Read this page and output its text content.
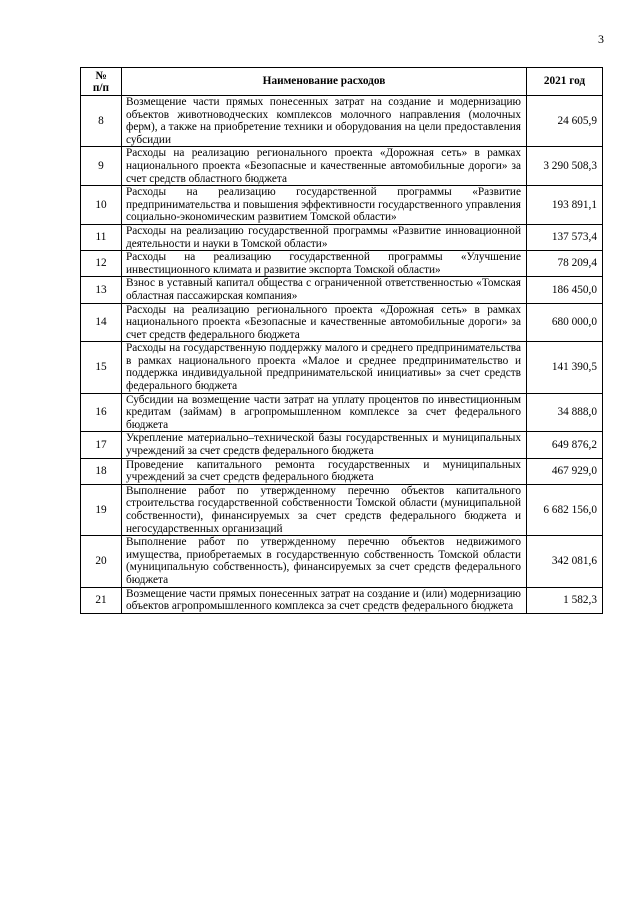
3
№
п/п	Наименование расходов	2021 год
8	Возмещение части прямых понесенных затрат на создание и модернизацию объектов животноводческих комплексов молочного направления (молочных ферм), а также на приобретение техники и оборудования на цели предоставления субсидии	24 605,9
9	Расходы на реализацию регионального проекта «Дорожная сеть» в рамках национального проекта «Безопасные и качественные автомобильные дороги» за счет средств областного бюджета	3 290 508,3
10	Расходы на реализацию государственной программы «Развитие предпринимательства и повышения эффективности государственного управления социально-экономическим развитием Томской области»	193 891,1
11	Расходы на реализацию государственной программы «Развитие инновационной деятельности и науки в Томской области»	137 573,4
12	Расходы на реализацию государственной программы «Улучшение инвестиционного климата и развитие экспорта Томской области»	78 209,4
13	Взнос в уставный капитал общества с ограниченной ответственностью «Томская областная пассажирская компания»	186 450,0
14	Расходы на реализацию регионального проекта «Дорожная сеть» в рамках национального проекта «Безопасные и качественные автомобильные дороги» за счет средств федерального бюджета	680 000,0
15	Расходы на государственную поддержку малого и среднего предпринимательства в рамках национального проекта «Малое и среднее предпринимательство и поддержка индивидуальной предпринимательской инициативы» за счет средств федерального бюджета	141 390,5
16	Субсидии на возмещение части затрат на уплату процентов по инвестиционным кредитам (займам) в агропромышленном комплексе за счет федерального бюджета	34 888,0
17	Укрепление материально–технической базы государственных и муниципальных учреждений за счет средств федерального бюджета	649 876,2
18	Проведение капитального ремонта государственных и муниципальных учреждений за счет средств федерального бюджета	467 929,0
19	Выполнение работ по утвержденному перечню объектов капитального строительства государственной собственности Томской области (муниципальной собственности), финансируемых за счет средств федерального бюджета и негосударственных организаций	6 682 156,0
20	Выполнение работ по утвержденному перечню объектов недвижимого имущества, приобретаемых в государственную собственность Томской области (муниципальную собственность), финансируемых за счет средств федерального бюджета	342 081,6
21	Возмещение части прямых понесенных затрат на создание и (или) модернизацию объектов агропромышленного комплекса за счет средств федерального бюджета	1 582,3
